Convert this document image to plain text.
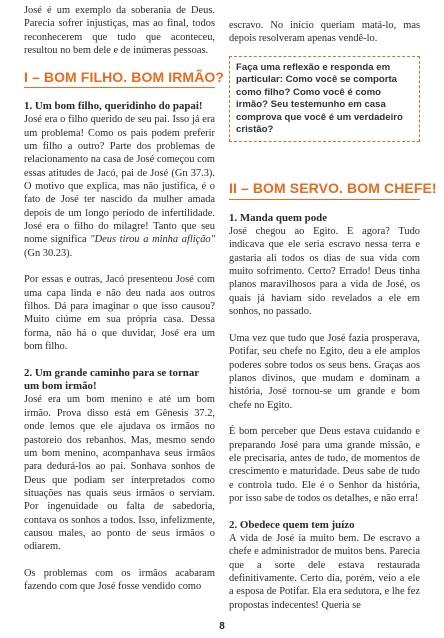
José é um exemplo da soberania de Deus. Parecia sofrer injustiças, mas ao final, todos reconhecerem que tudo que aconteceu, resultou no bem dele e de inúmeras pessoas.

I – BOM FILHO. BOM IRMÃO?

1. Um bom filho, queridinho do papai!

José era o filho querido de seu pai. Isso já era um problema! Como os pais podem preferir um filho a outro? Parte dos problemas de relacionamento na casa de José começou com essas atitudes de Jacó, pai de José (Gn 37.3). O motivo que explica, mas não justifica, é o fato de José ter nascido da mulher amada depois de um longo período de infertilidade. José era o filho do milagre! Tanto que seu nome significa "Deus tirou a minha aflição" (Gn 30.23).

Por essas e outras, Jacó presenteou José com uma capa linda e não deu nada aos outros filhos. Dá para imaginar o que isso causou? Muito ciúme em sua própria casa. Dessa forma, não há o que duvidar, José era um bom filho.

2. Um grande caminho para se tornar um bom irmão!

José era um bom menino e até um bom irmão. Prova disso está em Gênesis 37.2, onde lemos que ele ajudava os irmãos no pastoreio dos rebanhos. Mas, mesmo sendo um bom menino, acompanhava seus irmãos para dedurá-los ao pai. Sonhava sonhos de Deus que podiam ser interpretados como situações nas quais seus irmãos o serviam. Por ingenuidade ou falta de sabedoria, contava os sonhos a todos. Isso, infelizmente, causou males, ao ponto de seus irmãos o odiarem.

Os problemas com os irmãos acabaram fazendo com que José fosse vendido como

escravo. No início queriam matá-lo, mas depois resolveram apenas vendê-lo.

Faça uma reflexão e responda em particular: Como você se comporta como filho? Como você é como irmão? Seu testemunho em casa comprova que você é um verdadeiro cristão?
II – BOM SERVO. BOM CHEFE!

1. Manda quem pode

José chegou ao Egito. E agora? Tudo indicava que ele seria escravo nessa terra e gastaria ali todos os dias de sua vida com muito sofrimento. Certo? Errado! Deus tinha planos maravilhosos para a vida de José, os quais já haviam sido revelados a ele em sonhos, no passado.

Uma vez que tudo que José fazia prosperava, Potifar, seu chefe no Egito, deu a ele amplos poderes sobre todos os seus bens. Graças aos planos divinos, que mudam e dominam a história, José tornou-se um grande e bom chefe no Egito.

É bom perceber que Deus estava cuidando e preparando José para uma grande missão, e ele precisaria, antes de tudo, de momentos de crescimento e maturidade. Deus sabe de tudo e controla tudo. Ele é o Senhor da história, por isso sabe de todos os detalhes, e não erra!

2. Obedece quem tem juízo

A vida de José ia muito bem. De escravo a chefe e administrador de muitos bens. Parecia que a sorte dele estava restaurada definitivamente. Certo dia, porém, veio a ele a esposa de Potifar. Ela era sedutora, e lhe fez propostas indecentes! Queria se

8
